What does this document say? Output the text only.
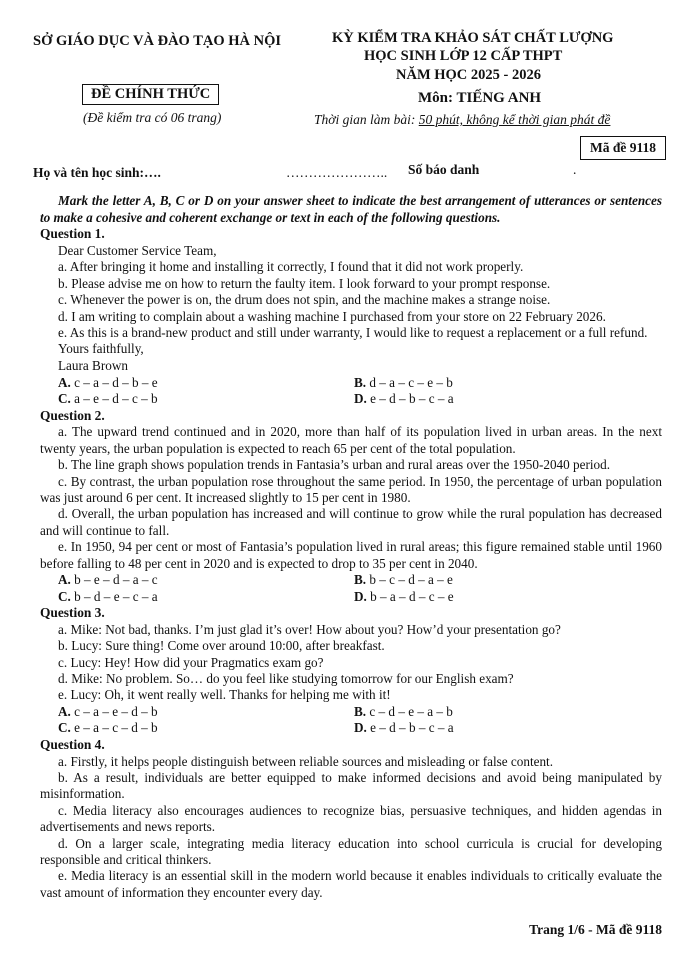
SỞ GIÁO DỤC VÀ ĐÀO TẠO HÀ NỘI
ĐỀ CHÍNH THỨC
(Đề kiểm tra có 06 trang)
KỲ KIỂM TRA KHẢO SÁT CHẤT LƯỢNG
HỌC SINH LỚP 12 CẤP THPT
NĂM HỌC 2025 - 2026
Môn: TIẾNG ANH
Thời gian làm bài: 50 phút, không kể thời gian phát đề
Mã đề 9118
Họ và tên học sinh:….	………………….. Số báo danh	.
Mark the letter A, B, C or D on your answer sheet to indicate the best arrangement of utterances or sentences to make a cohesive and coherent exchange or text in each of the following questions.
Question 1.
Dear Customer Service Team,
a. After bringing it home and installing it correctly, I found that it did not work properly.
b. Please advise me on how to return the faulty item. I look forward to your prompt response.
c. Whenever the power is on, the drum does not spin, and the machine makes a strange noise.
d. I am writing to complain about a washing machine I purchased from your store on 22 February 2026.
e. As this is a brand-new product and still under warranty, I would like to request a replacement or a full refund.
Yours faithfully,
Laura Brown
A. c – a – d – b – e	B. d – a – c – e – b
C. a – e – d – c – b	D. e – d – b – c – a
Question 2.
a. The upward trend continued and in 2020, more than half of its population lived in urban areas. In the next twenty years, the urban population is expected to reach 65 per cent of the total population.
b. The line graph shows population trends in Fantasia’s urban and rural areas over the 1950-2040 period.
c. By contrast, the urban population rose throughout the same period. In 1950, the percentage of urban population was just around 6 per cent. It increased slightly to 15 per cent in 1980.
d. Overall, the urban population has increased and will continue to grow while the rural population has decreased and will continue to fall.
e. In 1950, 94 per cent or most of Fantasia’s population lived in rural areas; this figure remained stable until 1960 before falling to 48 per cent in 2020 and is expected to drop to 35 per cent in 2040.
A. b – e – d – a – c	B. b – c – d – a – e
C. b – d – e – c – a	D. b – a – d – c – e
Question 3.
a. Mike: Not bad, thanks. I’m just glad it’s over! How about you? How’d your presentation go?
b. Lucy: Sure thing! Come over around 10:00, after breakfast.
c. Lucy: Hey! How did your Pragmatics exam go?
d. Mike: No problem. So… do you feel like studying tomorrow for our English exam?
e. Lucy: Oh, it went really well. Thanks for helping me with it!
A. c – a – e – d – b	B. c – d – e – a – b
C. e – a – c – d – b	D. e – d – b – c – a
Question 4.
a. Firstly, it helps people distinguish between reliable sources and misleading or false content.
b. As a result, individuals are better equipped to make informed decisions and avoid being manipulated by misinformation.
c. Media literacy also encourages audiences to recognize bias, persuasive techniques, and hidden agendas in advertisements and news reports.
d. On a larger scale, integrating media literacy education into school curricula is crucial for developing responsible and critical thinkers.
e. Media literacy is an essential skill in the modern world because it enables individuals to critically evaluate the vast amount of information they encounter every day.
Trang 1/6 - Mã đề 9118
